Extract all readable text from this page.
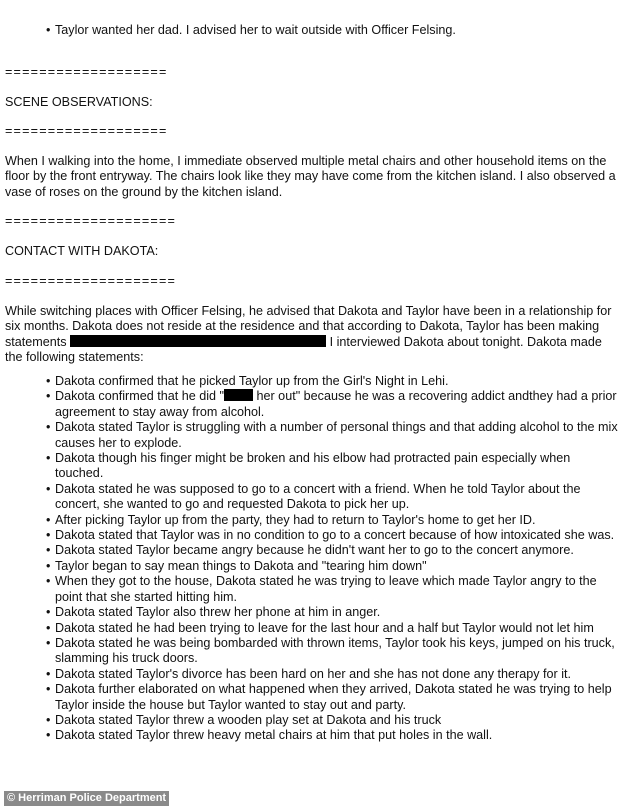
• Taylor wanted her dad. I advised her to wait outside with Officer Felsing.
===================
SCENE OBSERVATIONS:
===================
When I walking into the home, I immediate observed multiple metal chairs and other household items on the floor by the front entryway. The chairs look like they may have come from the kitchen island. I also observed a vase of roses on the ground by the kitchen island.
====================
CONTACT WITH DAKOTA:
====================
While switching places with Officer Felsing, he advised that Dakota and Taylor have been in a relationship for six months. Dakota does not reside at the residence and that according to Dakota, Taylor has been making statements	I interviewed Dakota about tonight. Dakota made the following statements:
• Dakota confirmed that he picked Taylor up from the Girl's Night in Lehi.
• Dakota confirmed that he did "	her out" because he was a recovering addict andthey had a prior agreement to stay away from alcohol.
• Dakota stated Taylor is struggling with a number of personal things and that adding alcohol to the mix causes her to explode.
• Dakota though his finger might be broken and his elbow had protracted pain especially when touched.
• Dakota stated he was supposed to go to a concert with a friend. When he told Taylor about the concert, she wanted to go and requested Dakota to pick her up.
• After picking Taylor up from the party, they had to return to Taylor's home to get her ID.
• Dakota stated that Taylor was in no condition to go to a concert because of how intoxicated she was.
• Dakota stated Taylor became angry because he didn't want her to go to the concert anymore.
• Taylor began to say mean things to Dakota and "tearing him down"
• When they got to the house, Dakota stated he was trying to leave which made Taylor angry to the point that she started hitting him.
• Dakota stated Taylor also threw her phone at him in anger.
• Dakota stated he had been trying to leave for the last hour and a half but Taylor would not let him
• Dakota stated he was being bombarded with thrown items, Taylor took his keys, jumped on his truck, slamming his truck doors.
• Dakota stated Taylor's divorce has been hard on her and she has not done any therapy for it.
• Dakota further elaborated on what happened when they arrived, Dakota stated he was trying to help Taylor inside the house but Taylor wanted to stay out and party.
• Dakota stated Taylor threw a wooden play set at Dakota and his truck
• Dakota stated Taylor threw heavy metal chairs at him that put holes in the wall.
© Herriman Police Department
